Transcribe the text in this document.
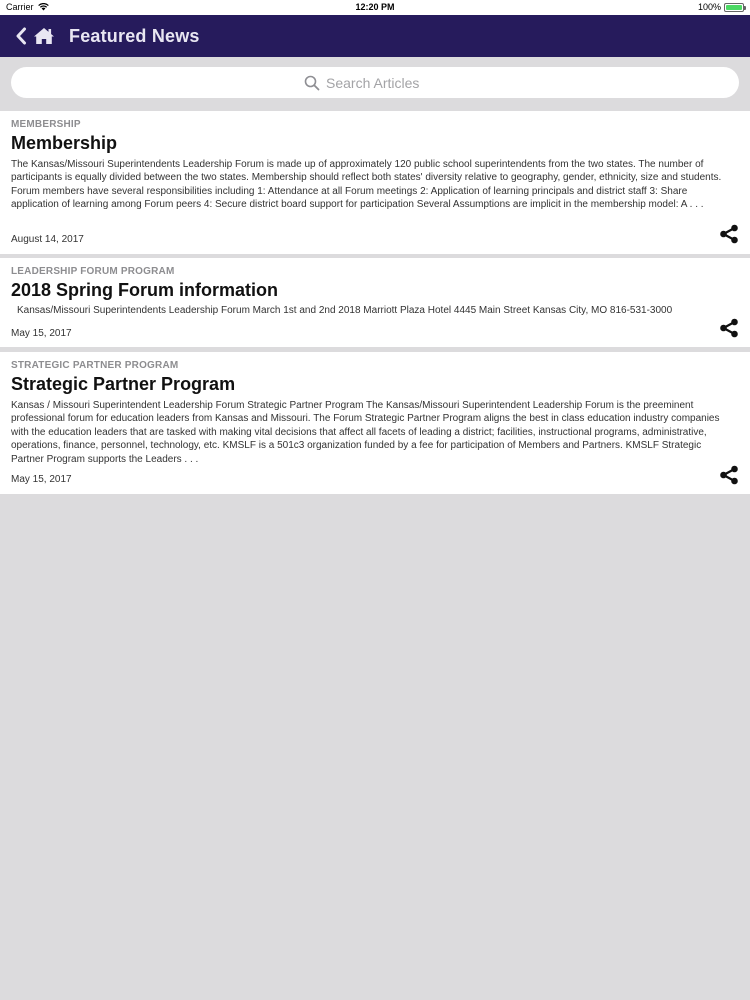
Carrier	12:20 PM	100%
Featured News
Search Articles
MEMBERSHIP
Membership
The Kansas/Missouri Superintendents Leadership Forum is made up of approximately 120 public school superintendents from the two states. The number of participants is equally divided between the two states. Membership should reflect both states' diversity relative to geography, gender, ethnicity, size and students. Forum members have several responsibilities including 1: Attendance at all Forum meetings 2: Application of learning principals and district staff 3: Share application of learning among Forum peers 4: Secure district board support for participation Several Assumptions are implicit in the membership model: A . . .
August 14, 2017
LEADERSHIP FORUM PROGRAM
2018 Spring Forum information
Kansas/Missouri Superintendents Leadership Forum March 1st and 2nd 2018 Marriott Plaza Hotel 4445 Main Street Kansas City, MO 816-531-3000
May 15, 2017
STRATEGIC PARTNER PROGRAM
Strategic Partner Program
Kansas / Missouri Superintendent Leadership Forum Strategic Partner Program The Kansas/Missouri Superintendent Leadership Forum is the preeminent professional forum for education leaders from Kansas and Missouri. The Forum Strategic Partner Program aligns the best in class education industry companies with the education leaders that are tasked with making vital decisions that affect all facets of leading a district; facilities, instructional programs, administrative, operations, finance, personnel, technology, etc. KMSLF is a 501c3 organization funded by a fee for participation of Members and Partners. KMSLF Strategic Partner Program supports the Leaders . . .
May 15, 2017
